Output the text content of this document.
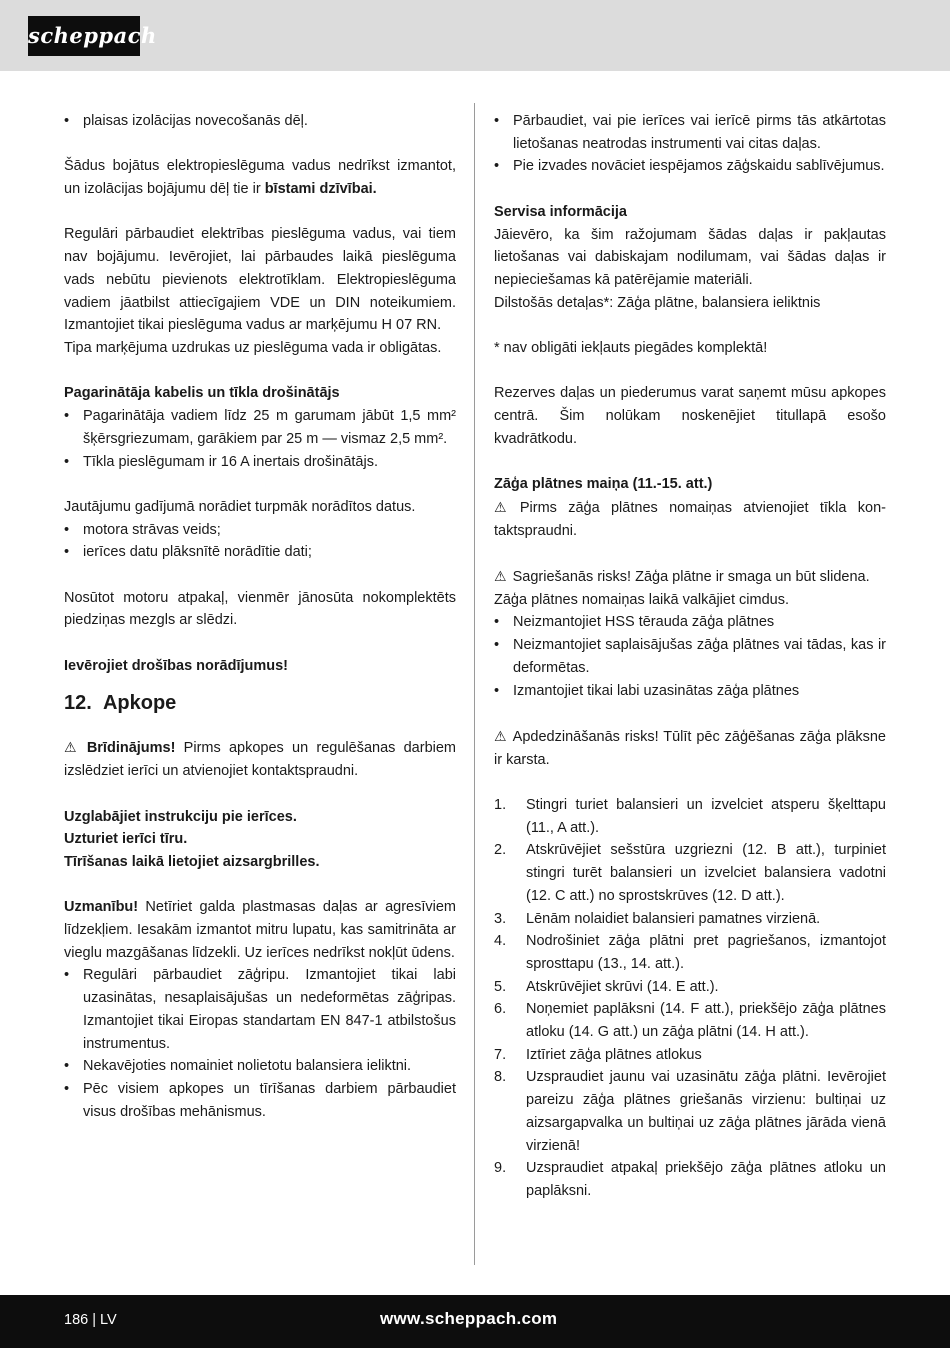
scheppach
• plaisas izolācijas novecošanās dēļ.

Šādus bojātus elektropieslēguma vadus nedrīkst izmantot, un izolācijas bojājumu dēļ tie ir bīstami dzīvībai.

Regulāri pārbaudiet elektrības pieslēguma vadus, vai tiem nav bojājumu. Ievērojiet, lai pārbaudes laikā pieslēguma vads nebūtu pievienots elektrotīklam. Elektropieslēguma vadiem jāatbilst attiecīgajiem VDE un DIN noteikumiem. Izmantojiet tikai pieslēguma vadus ar marķējumu H 07 RN.

Tipa marķējuma uzdrukas uz pieslēguma vada ir obligātas.

Pagarinātāja kabelis un tīkla drošinātājs

• Pagarinātāja vadiem līdz 25 m garumam jābūt 1,5 mm² šķērsgriezumam, garākiem par 25 m — vismaz 2,5 mm².
• Tīkla pieslēgumam ir 16 A inertais drošinātājs.

Jautājumu gadījumā norādiet turpmāk norādītos datus.

• motora strāvas veids;
• ierīces datu plāksnītē norādītie dati;

Nosūtot motoru atpakaļ, vienmēr jānosūta nokomplektēts piedziņas mezgls ar slēdzi.

Ievērojiet drošības norādījumus!

12. Apkope

⚠ Brīdinājums! Pirms apkopes un regulēšanas darbiem izslēdziet ierīci un atvienojiet kontaktspraudni.

Uzglabājiet instrukciju pie ierīces.

Uzturiet ierīci tīru.

Tīrīšanas laikā lietojiet aizsargbrilles.

Uzmanību! Netīriet galda plastmasas daļas ar agresīviem līdzekļiem. Iesakām izmantot mitru lupatu, kas samitrināta ar vieglu mazgāšanas līdzekli. Uz ierīces nedrīkst nokļūt ūdens.

• Regulāri pārbaudiet zāģripu. Izmantojiet tikai labi uzasinātas, nesaplaisājušas un nedeformētas zāģripas. Izmantojiet tikai Eiropas standartam EN 847-1 atbilstošus instrumentus.
• Nekavējoties nomainiet nolietotu balansiera ieliktni.
• Pēc visiem apkopes un tīrīšanas darbiem pārbaudiet visus drošības mehānismus.
• Pārbaudiet, vai pie ierīces vai ierīcē pirms tās atkārtotas lietošanas neatrodas instrumenti vai citas daļas.
• Pie izvades novāciet iespējamos zāģskaidu sablīvējumus.

Servisa informācija

Jāievēro, ka šim ražojumam šādas daļas ir pakļautas lietošanas vai dabiskajam nodilumam, vai šādas daļas ir nepieciešamas kā patērējamie materiāli.

Dilstošās detaļas*: Zāģa plātne, balansiera ieliktnis

* nav obligāti iekļauts piegādes komplektā!

Rezerves daļas un piederumus varat saņemt mūsu apkopes centrā. Šim nolūkam noskenējiet titullapā esošo kvadrātkodu.

Zāģa plātnes maiņa (11.-15. att.)

⚠ Pirms zāģa plātnes nomaiņas atvienojiet tīkla kontaktspraudni.

⚠ Sagriešanās risks! Zāģa plātne ir smaga un būt slidena.

Zāģa plātnes nomaiņas laikā valkājiet cimdus.

• Neizmantojiet HSS tērauda zāģa plātnes
• Neizmantojiet saplaisājušas zāģa plātnes vai tādas, kas ir deformētas.
• Izmantojiet tikai labi uzasinātas zāģa plātnes

⚠ Apdedzināšanās risks! Tūlīt pēc zāģēšanas zāģa plāksne ir karsta.

1. Stingri turiet balansieri un izvelciet atsperu šķelttapu (11., A att.).
2. Atskrūvējiet sešstūra uzgriezni (12. B att.), turpiniet stingri turēt balansieri un izvelciet balansiera vadotni (12. C att.) no sprostskrūves (12. D att.).
3. Lēnām nolaidiet balansieri pamatnes virzienā.
4. Nodrošiniet zāģa plātni pret pagriešanos, izmantojot sprosttapu (13., 14. att.).
5. Atskrūvējiet skrūvi (14. E att.).
6. Noņemiet paplāksni (14. F att.), priekšējo zāģa plātnes atloku (14. G att.) un zāģa plātni (14. H att.).
7. Iztīriet zāģa plātnes atlokus
8. Uzspraudiet jaunu vai uzasinātu zāģa plātni. Ievērojiet pareizu zāģa plātnes griešanās virzienu: bultiņai uz aizsargapvalka un bultiņai uz zāģa plātnes jārāda vienā virzienā!
9. Uzspraudiet atpakaļ priekšējo zāģa plātnes atloku un paplāksni.
186 | LV	www.scheppach.com
